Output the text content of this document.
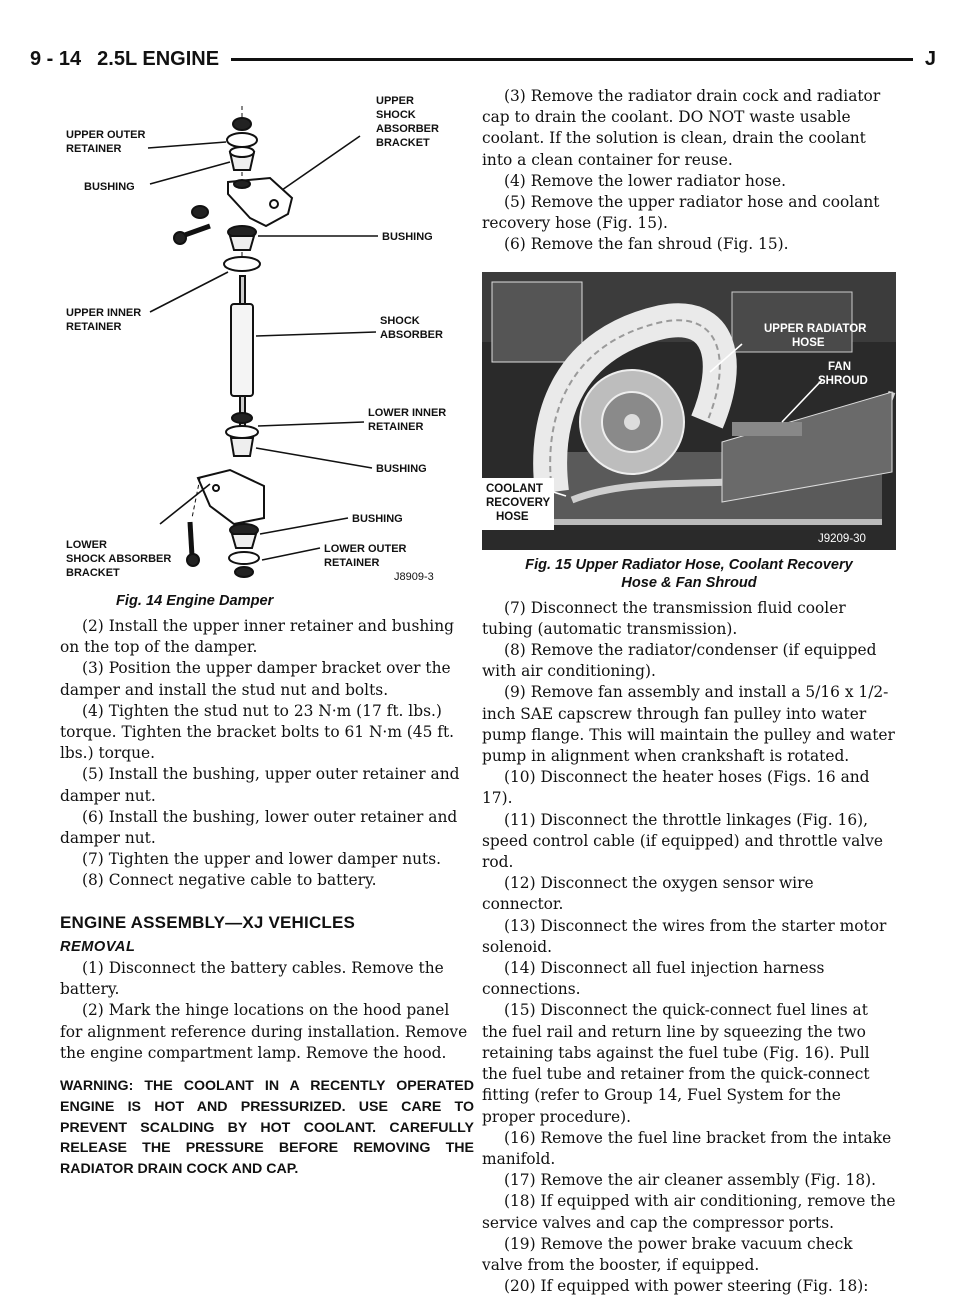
9 - 14 2.5L ENGINE	J
UPPER OUTER RETAINER
BUSHING
UPPER SHOCK ABSORBER BRACKET
BUSHING
UPPER INNER RETAINER	SHOCK ABSORBER
LOWER INNER RETAINER
BUSHING
BUSHING
LOWER SHOCK ABSORBER BRACKET
LOWER OUTER RETAINER
J8909-3
Fig. 14 Engine Damper

(2) Install the upper inner retainer and bushing on the top of the damper.

(3) Position the upper damper bracket over the damper and install the stud nut and bolts.

(4) Tighten the stud nut to 23 N·m (17 ft. lbs.) torque. Tighten the bracket bolts to 61 N·m (45 ft. lbs.) torque.

(5) Install the bushing, upper outer retainer and damper nut.

(6) Install the bushing, lower outer retainer and damper nut.

(7) Tighten the upper and lower damper nuts.

(8) Connect negative cable to battery.

ENGINE ASSEMBLY—XJ VEHICLES
REMOVAL

(1) Disconnect the battery cables. Remove the battery.

(2) Mark the hinge locations on the hood panel for alignment reference during installation. Remove the engine compartment lamp. Remove the hood.

WARNING: THE COOLANT IN A RECENTLY OPERATED ENGINE IS HOT AND PRESSURIZED. USE CARE TO PREVENT SCALDING BY HOT COOLANT. CAREFULLY RELEASE THE PRESSURE BEFORE REMOVING THE RADIATOR DRAIN COCK AND CAP.

(3) Remove the radiator drain cock and radiator cap to drain the coolant. DO NOT waste usable coolant. If the solution is clean, drain the coolant into a clean container for reuse.

(4) Remove the lower radiator hose.

(5) Remove the upper radiator hose and coolant recovery hose (Fig. 15).

(6) Remove the fan shroud (Fig. 15).

UPPER RADIATOR HOSE
FAN SHROUD
COOLANT RECOVERY HOSE
J9209-30
Fig. 15 Upper Radiator Hose, Coolant Recovery
Hose & Fan Shroud

(7) Disconnect the transmission fluid cooler tubing (automatic transmission).

(8) Remove the radiator/condenser (if equipped with air conditioning).

(9) Remove fan assembly and install a 5/16 x 1/2-inch SAE capscrew through fan pulley into water pump flange. This will maintain the pulley and water pump in alignment when crankshaft is rotated.

(10) Disconnect the heater hoses (Figs. 16 and 17).

(11) Disconnect the throttle linkages (Fig. 16), speed control cable (if equipped) and throttle valve rod.

(12) Disconnect the oxygen sensor wire connector.

(13) Disconnect the wires from the starter motor solenoid.

(14) Disconnect all fuel injection harness connections.

(15) Disconnect the quick-connect fuel lines at the fuel rail and return line by squeezing the two retaining tabs against the fuel tube (Fig. 16). Pull the fuel tube and retainer from the quick-connect fitting (refer to Group 14, Fuel System for the proper procedure).

(16) Remove the fuel line bracket from the intake manifold.

(17) Remove the air cleaner assembly (Fig. 18).

(18) If equipped with air conditioning, remove the service valves and cap the compressor ports.

(19) Remove the power brake vacuum check valve from the booster, if equipped.

(20) If equipped with power steering (Fig. 18):
